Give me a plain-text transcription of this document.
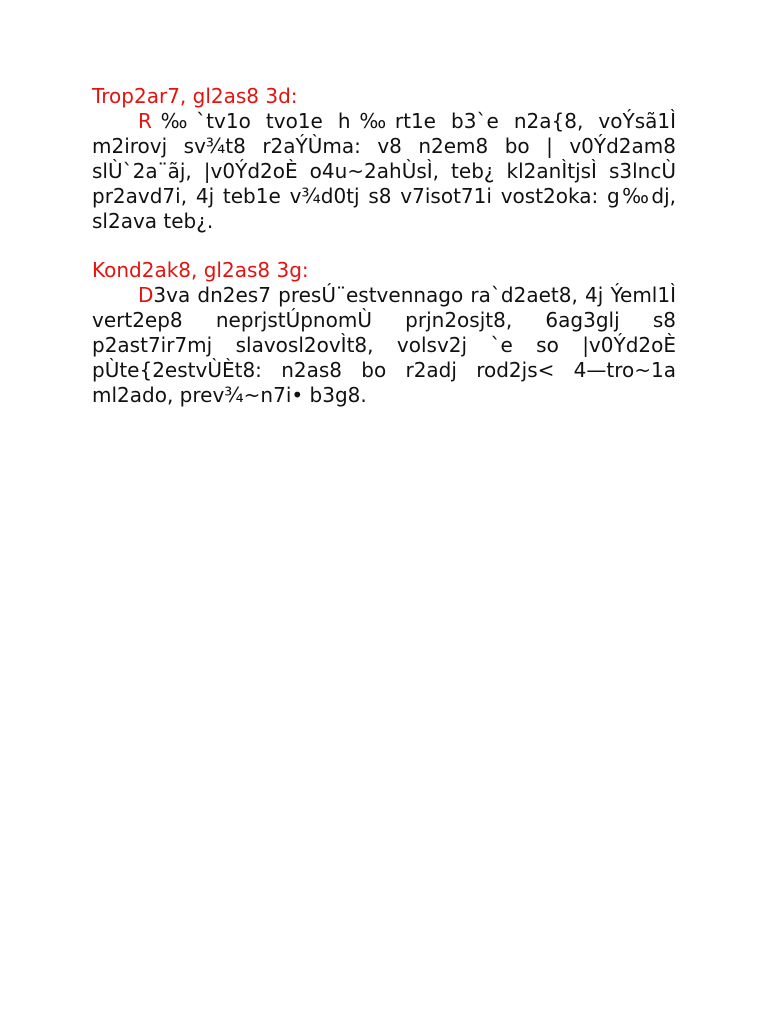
Trop2ar7, gl2as8 3d:

R‰`tv1o tvo1e h‰rt1e b3`e n2a{8, voÝsã1Ì m2irovj sv¾t8 r2aÝÙma: v8 n2em8 bo | v0Ýd2am8 slÙ`2a¨ãj, |v0Ýd2oÈ o4u~2ahÙsÌ, teb¿ kl2anÌtjsÌ s3lncÙ pr2avd7i, 4j teb1e v¾d0tj s8 v7isot71i vost2oka: g‰dj, sl2ava teb¿.

Kond2ak8, gl2as8 3g:

D3va dn2es7 presÚ¨estvennago ra`d2aet8, 4j Ýeml1Ì vert2ep8 neprjstÚpnomÙ prjn2osjt8, 6ag3glj s8 p2ast7ir7mj slavosl2ovÌt8, volsv2j `e so |v0Ýd2oÈ pÙte{2estvÙÈt8: n2as8 bo r2adj rod2js< 4—tro~1a ml2ado, prev¾~n7i• b3g8.
